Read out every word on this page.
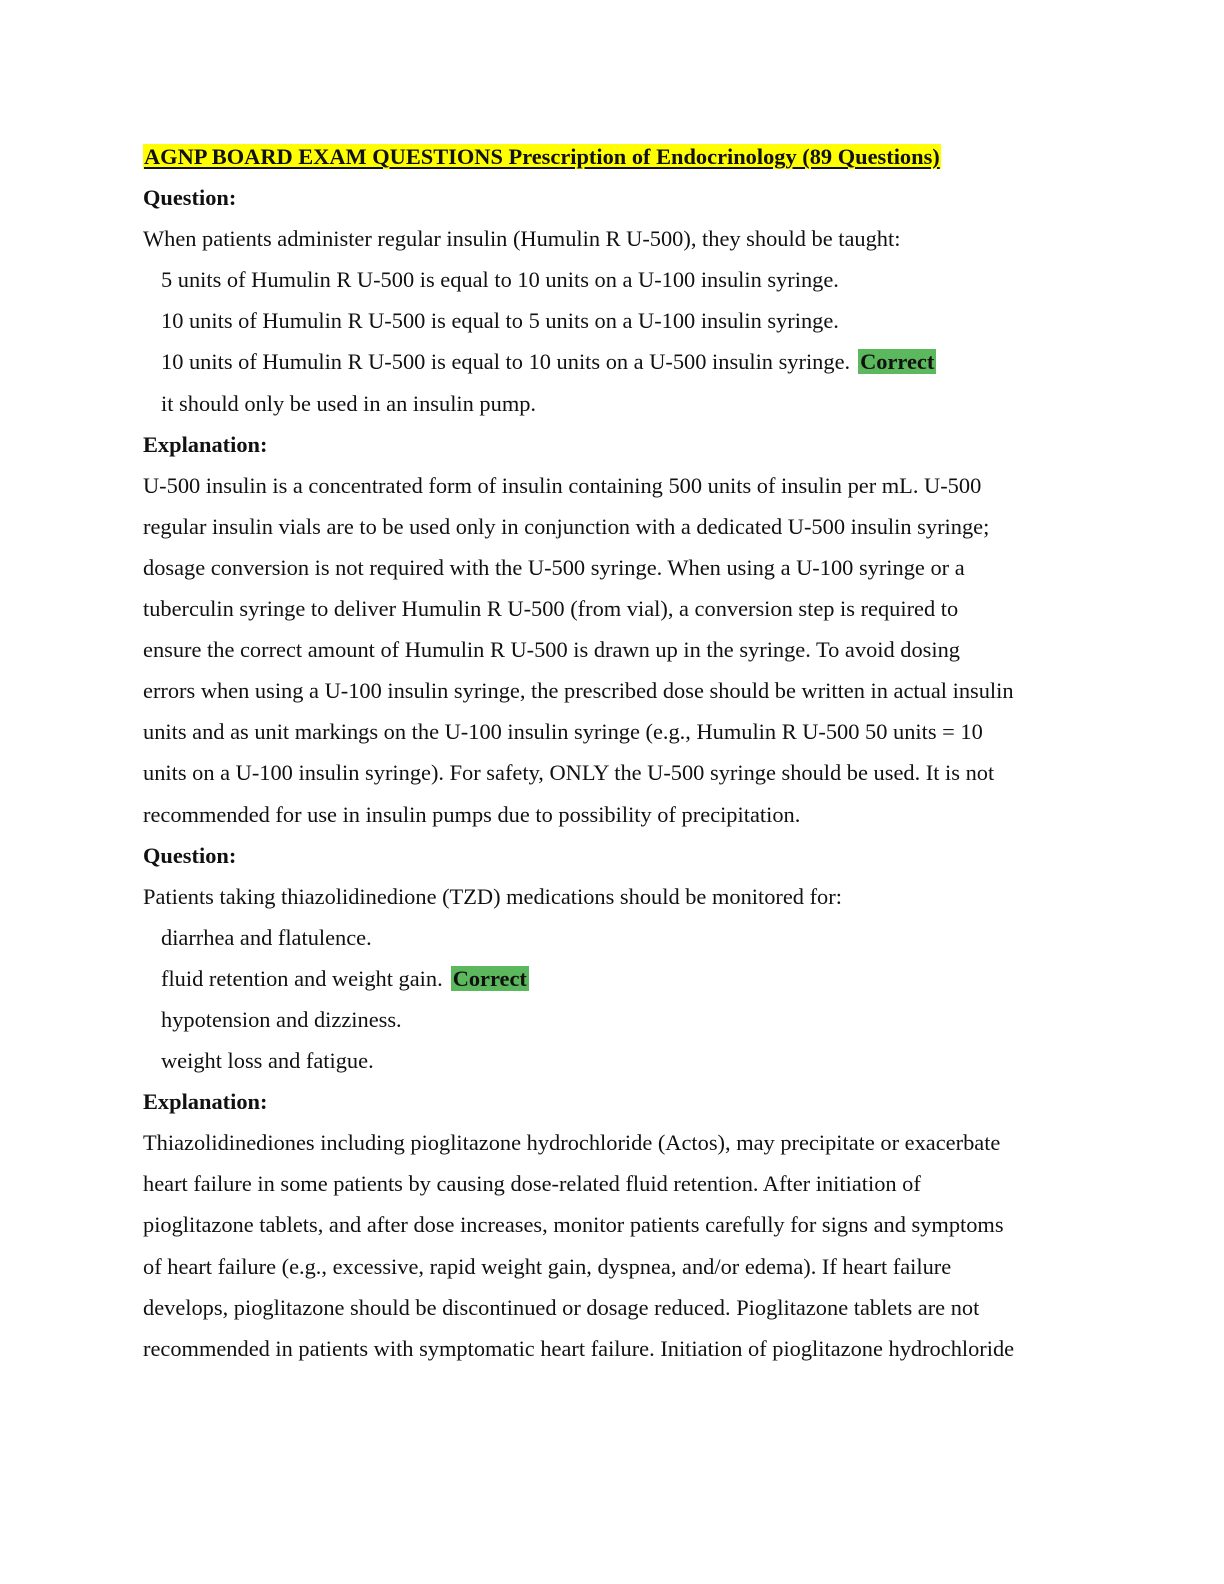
AGNP BOARD EXAM QUESTIONS Prescription of Endocrinology (89 Questions)
Question:
When patients administer regular insulin (Humulin R U-500), they should be taught:
5 units of Humulin R U-500 is equal to 10 units on a U-100 insulin syringe.
10 units of Humulin R U-500 is equal to 5 units on a U-100 insulin syringe.
10 units of Humulin R U-500 is equal to 10 units on a U-500 insulin syringe. Correct
it should only be used in an insulin pump.
Explanation:
U-500 insulin is a concentrated form of insulin containing 500 units of insulin per mL. U-500
regular insulin vials are to be used only in conjunction with a dedicated U-500 insulin syringe;
dosage conversion is not required with the U-500 syringe. When using a U-100 syringe or a
tuberculin syringe to deliver Humulin R U-500 (from vial), a conversion step is required to
ensure the correct amount of Humulin R U-500 is drawn up in the syringe. To avoid dosing
errors when using a U-100 insulin syringe, the prescribed dose should be written in actual insulin
units and as unit markings on the U-100 insulin syringe (e.g., Humulin R U-500 50 units = 10
units on a U-100 insulin syringe). For safety, ONLY the U-500 syringe should be used. It is not
recommended for use in insulin pumps due to possibility of precipitation.
Question:
Patients taking thiazolidinedione (TZD) medications should be monitored for:
diarrhea and flatulence.
fluid retention and weight gain. Correct
hypotension and dizziness.
weight loss and fatigue.
Explanation:
Thiazolidinediones including pioglitazone hydrochloride (Actos), may precipitate or exacerbate
heart failure in some patients by causing dose-related fluid retention. After initiation of
pioglitazone tablets, and after dose increases, monitor patients carefully for signs and symptoms
of heart failure (e.g., excessive, rapid weight gain, dyspnea, and/or edema). If heart failure
develops, pioglitazone should be discontinued or dosage reduced. Pioglitazone tablets are not
recommended in patients with symptomatic heart failure. Initiation of pioglitazone hydrochloride
